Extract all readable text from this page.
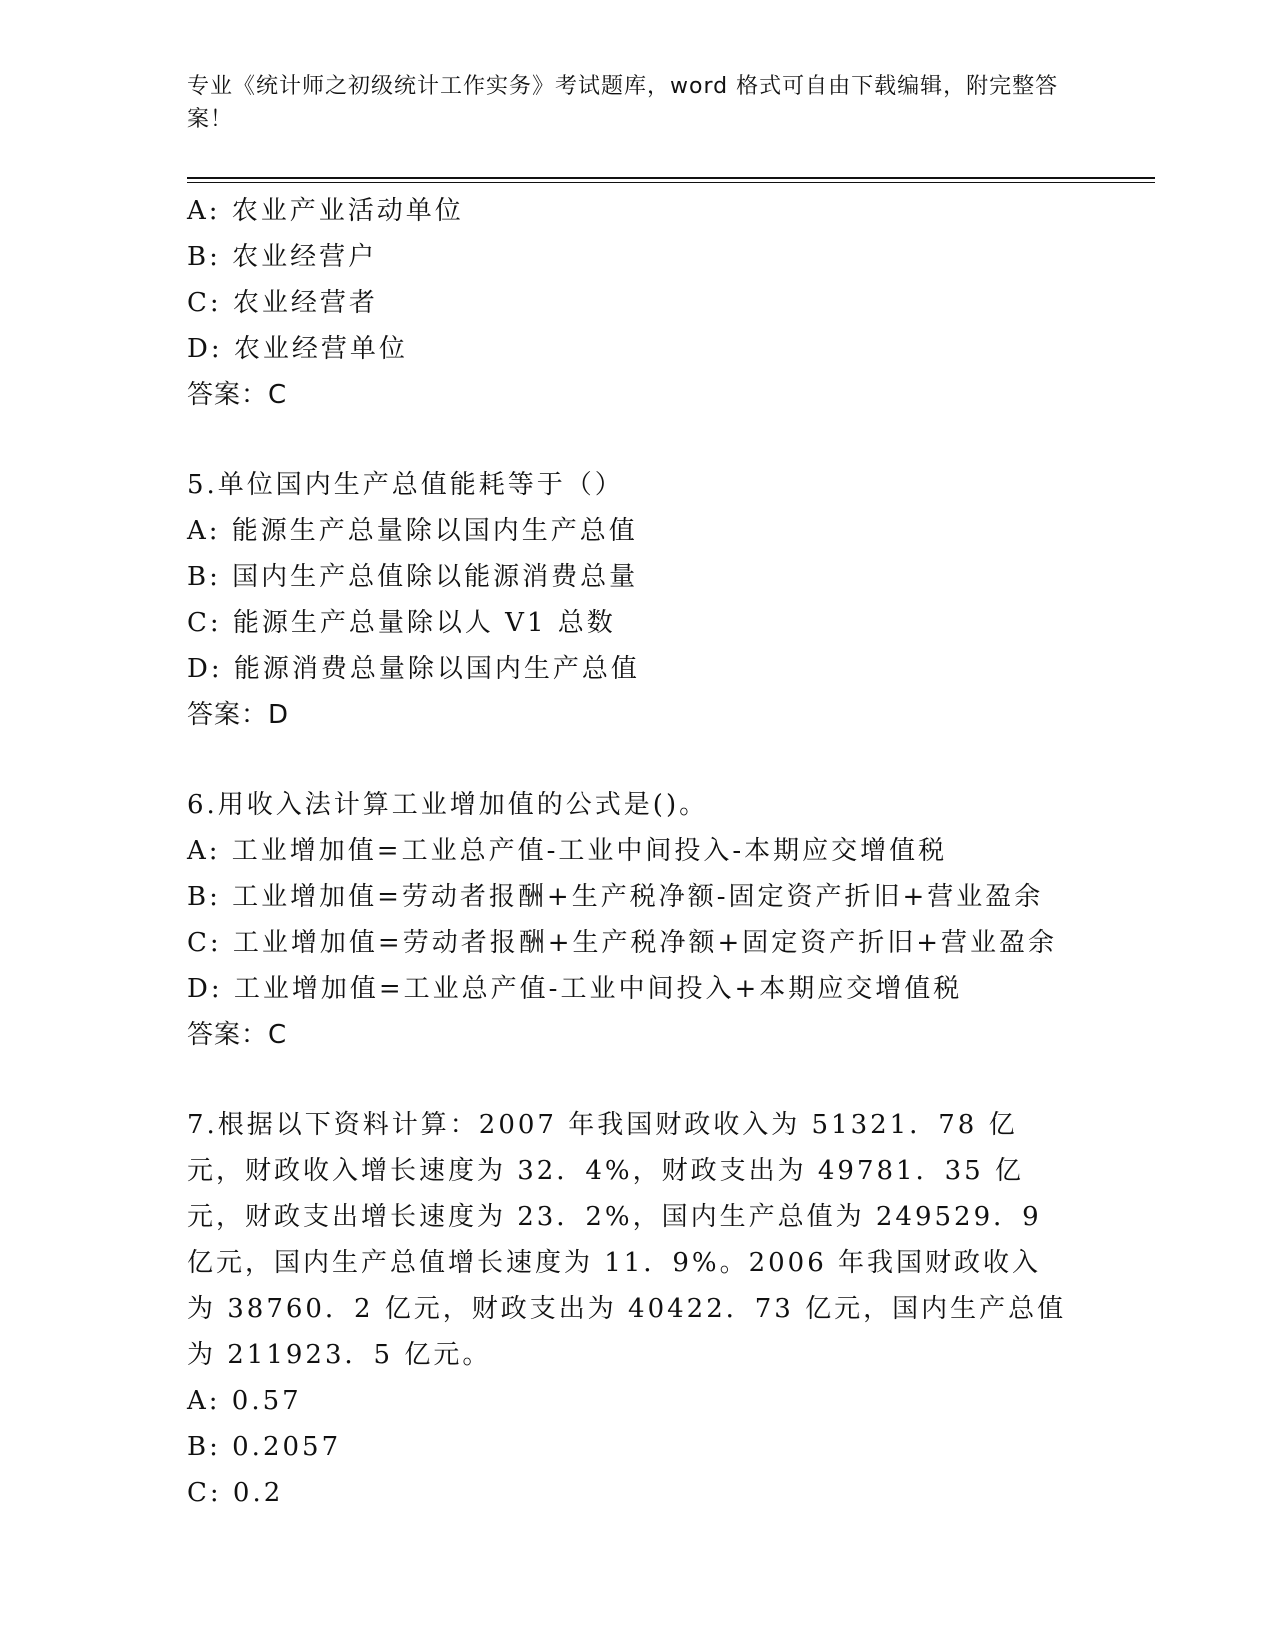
专业《统计师之初级统计工作实务》考试题库，word 格式可自由下载编辑，附完整答案！
A: 农业产业活动单位
B: 农业经营户
C: 农业经营者
D: 农业经营单位
答案：C
5.单位国内生产总值能耗等于（）
A: 能源生产总量除以国内生产总值
B: 国内生产总值除以能源消费总量
C: 能源生产总量除以人 V1 总数
D: 能源消费总量除以国内生产总值
答案：D
6.用收入法计算工业增加值的公式是()。
A: 工业增加值=工业总产值-工业中间投入-本期应交增值税
B: 工业增加值=劳动者报酬+生产税净额-固定资产折旧+营业盈余
C: 工业增加值=劳动者报酬+生产税净额+固定资产折旧+营业盈余
D: 工业增加值=工业总产值-工业中间投入+本期应交增值税
答案：C
7.根据以下资料计算：2007 年我国财政收入为 51321．78 亿元，财政收入增长速度为 32．4%，财政支出为 49781．35 亿元，财政支出增长速度为 23．2%，国内生产总值为 249529．9 亿元，国内生产总值增长速度为 11．9%。2006 年我国财政收入为 38760．2 亿元，财政支出为 40422．73 亿元，国内生产总值为 211923．5 亿元。
A: 0.57
B: 0.2057
C: 0.2
